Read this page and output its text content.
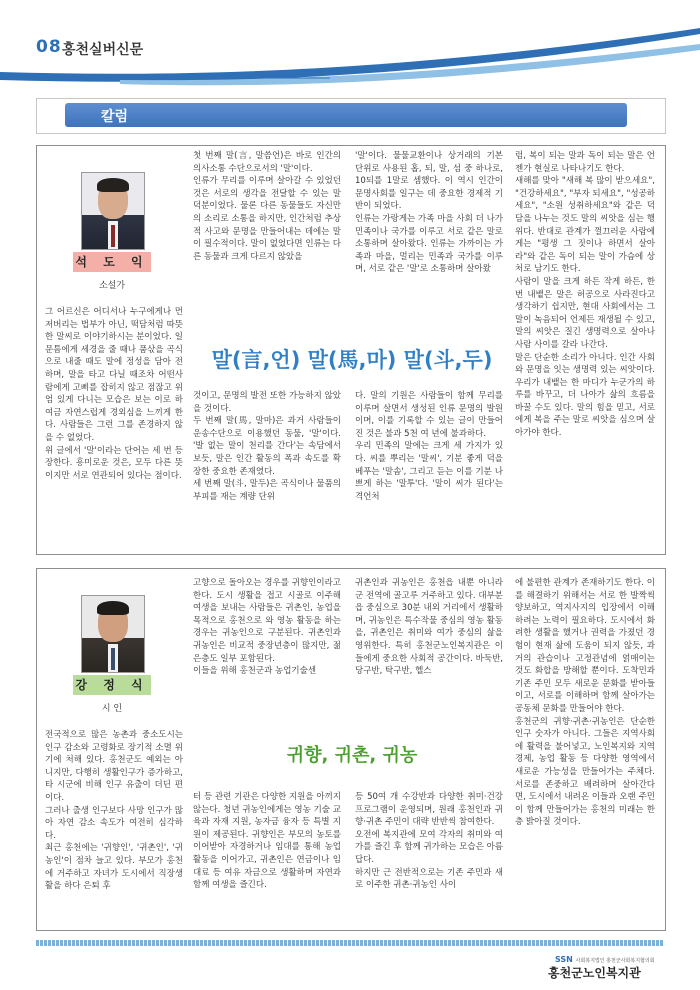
08 홍천실버신문
칼럼
석 도 익
소설가

그 어르신은 어디서나 누구에게나 먼저버리는 법부가 아닌, 떡담처럼 따뜻한 말씨로 이야기하시는 분이었다. 일문틈에게 세경을 줄 때나 품삯을 곡식으로 내줄 때도 말에 정성을 담아 전하며, 말을 타고 다닐 때조차 어떤사람에게 고삐를 잡히지 않고 점잖고 위엄 있게 다니는 모습은 보는 이로 하여금 자연스럽게 경외심을 느끼게 한다. 사람들은 그런 그를 존경하지 않을 수 없었다.
위 글에서 '말'이라는 단어는 세 번 등장한다. 흥미로운 것은, 모두 다른 뜻이지만 서로 연관되어 있다는 점이다.

첫 번째 말(言, 말씀언)은 바로 인간의 의사소통 수단으로서의 '말'이다.
인류가 무리를 이루며 살아갈 수 있었던 것은 서로의 생각을 전달할 수 있는 말 덕분이었다. 물론 다른 동물들도 자신만의 소리로 소통을 하지만, 인간처럼 추상적 사고와 문명을 만들어내는 데에는 말이 필수적이다. 말이 없었다면 인류는 다른 동물과 크게 다르지 않았을

것이고, 문명의 발전 또한 가능하지 않았을 것이다.
두 번째 말(馬, 말마)은 과거 사람들이 운송수단으로 이용했던 동물, '말'이다. '발 없는 말이 천리를 간다'는 속담에서 보듯, 말은 인간 활동의 폭과 속도를 확장한 중요한 존재였다.
세 번째 말(斗, 말두)은 곡식이나 물품의 부피를 재는 계량 단위

'말'이다. 물물교환이나 상거래의 기본 단위로 사용된 홉, 되, 말, 섬 중 하나로, 10되를 1말로 셈했다. 이 역시 인간이 문명사회를 일구는 데 중요한 경제적 기반이 되었다.
인류는 가랑게는 가족 마을 사회 더 나가 민족이나 국가를 이루고 서로 같은 말로 소통하며 살아왔다. 인류는 가까이는 가족과 마을, 멀리는 민족과 국가를 이루며, 서로 같은 '말'로 소통하며 살아왔

다. 말의 기원은 사람들이 함께 무리를 이루며 살면서 생성된 인류 문명의 발원이며, 이를 기록할 수 있는 글이 만들어진 것은 불과 5천 여 년에 불과하다.
우리 민족의 말에는 크게 세 가지가 있다. 씨를 뿌리는 '말씨', 기분 좋게 덕을 베푸는 '말솜', 그리고 듣는 이를 기분 나쁘게 하는 '말투'다. '말이 씨가 된다'는 격언처

럼, 복이 되는 말과 독이 되는 말은 언젠가 현실로 나타나기도 한다.
새해를 맞아 "새해 복 많이 받으세요", "건강하세요", "부자 되세요", "성공하세요", "소원 성취하세요"와 같은 덕담을 나누는 것도 말의 씨앗을 심는 행위다. 반대로 관계가 껄끄러운 사람에게는 "평생 그 짓이나 하면서 살아라"와 같은 독이 되는 말이 가슴에 상처로 남기도 한다.
사람이 말을 크게 하든 작게 하든, 한 번 내뱉은 말은 허공으로 사라진다고 생각하기 쉽지만, 현대 사회에서는 그 말이 녹음되어 언제든 재생될 수 있고, 말의 씨앗은 질긴 생명력으로 살아나 사람 사이를 갈라 나간다.
말은 단순한 소리가 아니다. 인간 사회와 문명을 잇는 생명력 있는 씨앗이다. 우리가 내뱉는 한 마디가 누군가의 하루를 바꾸고, 더 나아가 삶의 흐름을 바꿀 수도 있다. 말의 힘을 믿고, 서로에게 복을 주는 말로 씨앗을 심으며 살아가야 한다.

말(言,언) 말(馬,마) 말(斗,두)
강 정 식
시 인

전국적으로 많은 농촌과 중소도시는 인구 감소와 고령화로 장기적 소멸 위기에 처해 있다. 홍천군도 예외는 아니지만, 다행히 생활인구가 증가하고, 타 시군에 비해 인구 유출이 더딘 편이다.
그러나 출생 인구보다 사망 인구가 많아 자연 감소 속도가 여전히 심각하다.
최근 홍천에는 '귀향인', '귀촌인', '귀농인'이 점차 늘고 있다. 부모가 홍천에 거주하고 자녀가 도시에서 직장생활을 하다 은퇴 후

고향으로 돌아오는 경우를 귀향인이라고 한다. 도시 생활을 접고 시골로 이주해 여생을 보내는 사람들은 귀촌인, 농업을 목적으로 홍천으로 와 영농 활동을 하는 경우는 귀농인으로 구분된다. 귀촌인과 귀농인은 비교적 중장년층이 많지만, 젊은층도 일부 포함된다.
이들을 위해 홍천군과 농업기술센

터 등 관련 기관은 다양한 지원을 아끼지 않는다. 청년 귀농인에게는 영농 기술 교육과 자재 지원, 농자금 융자 등 특별 지원이 제공된다. 귀향인은 부모의 농토를 이어받아 자경하거나 임대를 통해 농업 활동을 이어가고, 귀촌인은 연금이나 임대료 등 여유 자금으로 생활하며 자연과 함께 여생을 즐긴다.

귀촌인과 귀농인은 홍천읍 내뿐 아니라 군 전역에 골고루 거주하고 있다. 대부분 읍 중심으로 30분 내외 거리에서 생활하며, 귀농인은 특수작물 중심의 영농 활동을, 귀촌인은 취미와 여가 중심의 삶을 영위한다. 특히 홍천군노인복지관은 이들에게 중요한 사회적 공간이다. 바둑반, 당구반, 탁구반, 헬스

등 50여 개 수강반과 다양한 취미·건강 프로그램이 운영되며, 원래 홍천인과 귀향·귀촌 주민이 대략 반반씩 참여한다.
오전에 복지관에 모여 각자의 취미와 여가를 즐긴 후 함께 귀가하는 모습은 아름답다.
하지만 근 전반적으로는 기존 주민과 새로 이주한 귀촌·귀농인 사이

에 불편한 관계가 존재하기도 한다. 이를 해결하기 위해서는 서로 한 발짝씩 양보하고, 역지사지의 입장에서 이해하려는 노력이 필요하다. 도시에서 화려한 생활을 했거나 권력을 가졌던 경험이 현재 삶에 도움이 되지 않듯, 과거의 관습이나 고정관념에 얽매이는 것도 화합을 방해할 뿐이다. 도착민과 기존 주민 모두 새로운 문화를 받아들이고, 서로를 이해하며 함께 살아가는 공동체 문화를 만들어야 한다.
홍천군의 귀향·귀촌·귀농인은 단순한 인구 숫자가 아니다. 그들은 지역사회에 활력을 불어넣고, 노인복지와 지역 경제, 농업 활동 등 다양한 영역에서 새로운 가능성을 만들어가는 주체다. 서로를 존중하고 배려하며 살아간다면, 도시에서 내려온 이들과 오랜 주민이 함께 만들어가는 홍천의 미래는 한층 밝아질 것이다.

귀향, 귀촌, 귀농
SSN 사회복지법인 홍천군사회복지협의회
홍천군노인복지관
